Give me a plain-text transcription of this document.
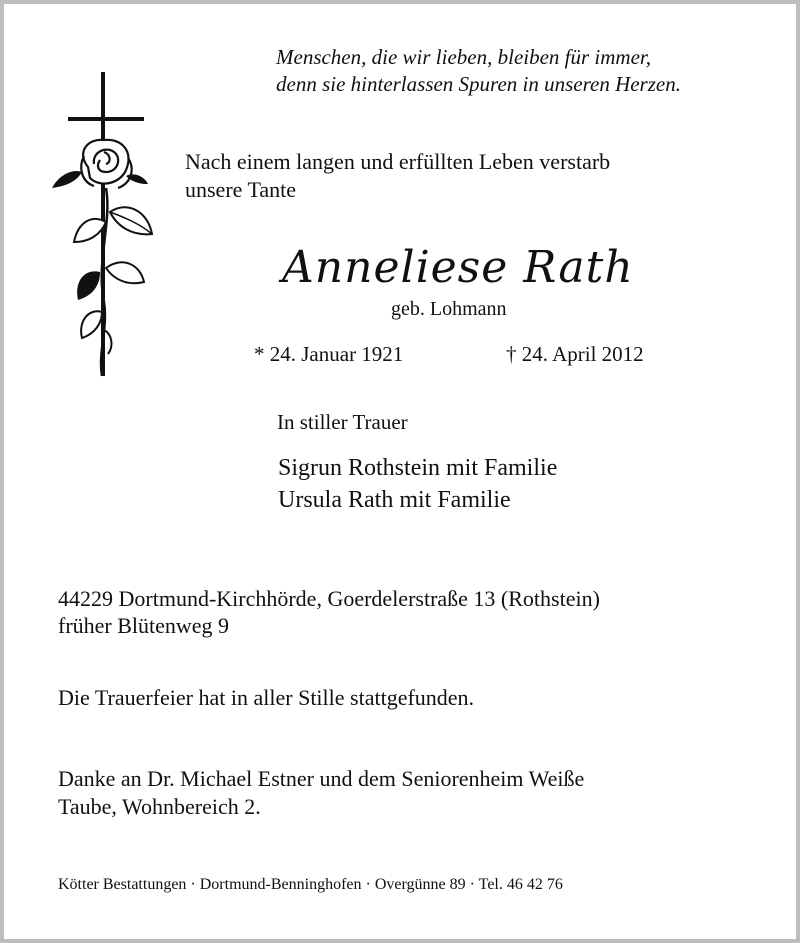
Menschen, die wir lieben, bleiben für immer,
denn sie hinterlassen Spuren in unseren Herzen.
Nach einem langen und erfüllten Leben verstarb
unsere Tante
Anneliese Rath
geb. Lohmann
* 24. Januar 1921	† 24. April 2012
In stiller Trauer
Sigrun Rothstein mit Familie
Ursula Rath mit Familie
44229 Dortmund-Kirchhörde, Goerdelerstraße 13 (Rothstein)
früher Blütenweg 9
Die Trauerfeier hat in aller Stille stattgefunden.
Danke an Dr. Michael Estner und dem Seniorenheim Weiße
Taube, Wohnbereich 2.
Kötter Bestattungen · Dortmund-Benninghofen · Overgünne 89 · Tel. 46 42 76
